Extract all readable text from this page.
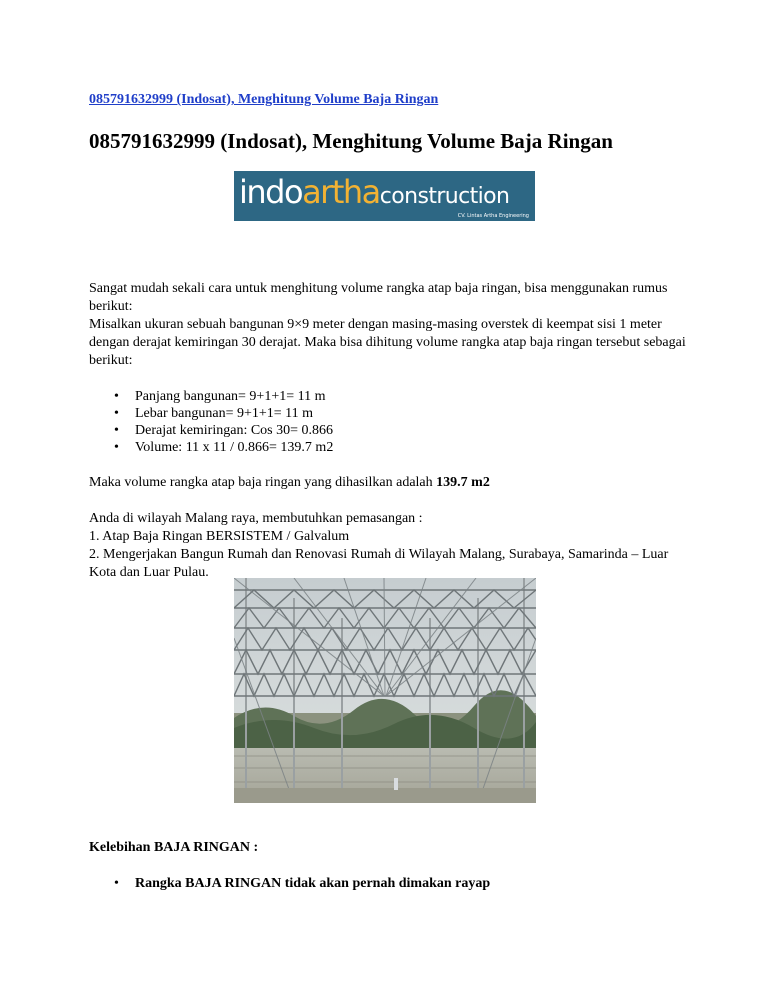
085791632999 (Indosat), Menghitung Volume Baja Ringan
085791632999 (Indosat), Menghitung Volume Baja Ringan
indoarthaconstruction
CV. Lintas Artha Engineering

Sangat mudah sekali cara untuk menghitung volume rangka atap baja ringan, bisa menggunakan rumus berikut:

Misalkan ukuran sebuah bangunan 9×9 meter dengan masing-masing overstek di keempat sisi 1 meter dengan derajat kemiringan 30 derajat. Maka bisa dihitung volume rangka atap baja ringan tersebut sebagai berikut:

• Panjang bangunan= 9+1+1= 11 m
• Lebar bangunan= 9+1+1= 11 m
• Derajat kemiringan: Cos 30= 0.866
• Volume: 11 x 11 / 0.866= 139.7 m2

Maka volume rangka atap baja ringan yang dihasilkan adalah 139.7 m2

Anda di wilayah Malang raya, membutuhkan pemasangan :

1. Atap Baja Ringan BERSISTEM / Galvalum

2. Mengerjakan Bangun Rumah dan Renovasi Rumah di Wilayah Malang, Surabaya, Samarinda – Luar Kota dan Luar Pulau.

Kelebihan BAJA RINGAN :
• Rangka BAJA RINGAN tidak akan pernah dimakan rayap
